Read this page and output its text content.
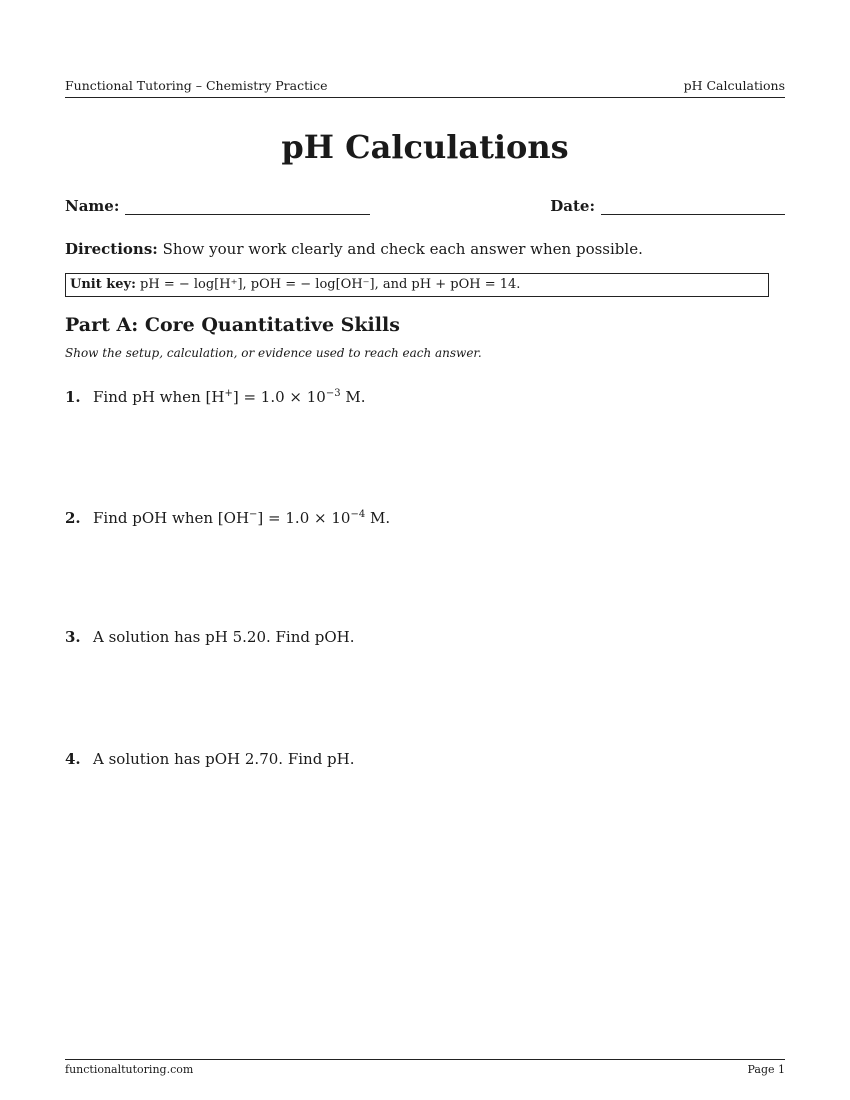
Functional Tutoring – Chemistry Practice	pH Calculations
pH Calculations
Name:	Date:
Directions: Show your work clearly and check each answer when possible.
Unit key: pH = − log[H⁺], pOH = − log[OH⁻], and pH + pOH = 14.
Part A: Core Quantitative Skills
Show the setup, calculation, or evidence used to reach each answer.
1. Find pH when $[H^+] = 1.0 \times 10^{-3}$ M.
2. Find pOH when $[OH^-] = 1.0 \times 10^{-4}$ M.
3. A solution has pH 5.20. Find pOH.
4. A solution has pOH 2.70. Find pH.
functionaltutoring.com	Page 1
